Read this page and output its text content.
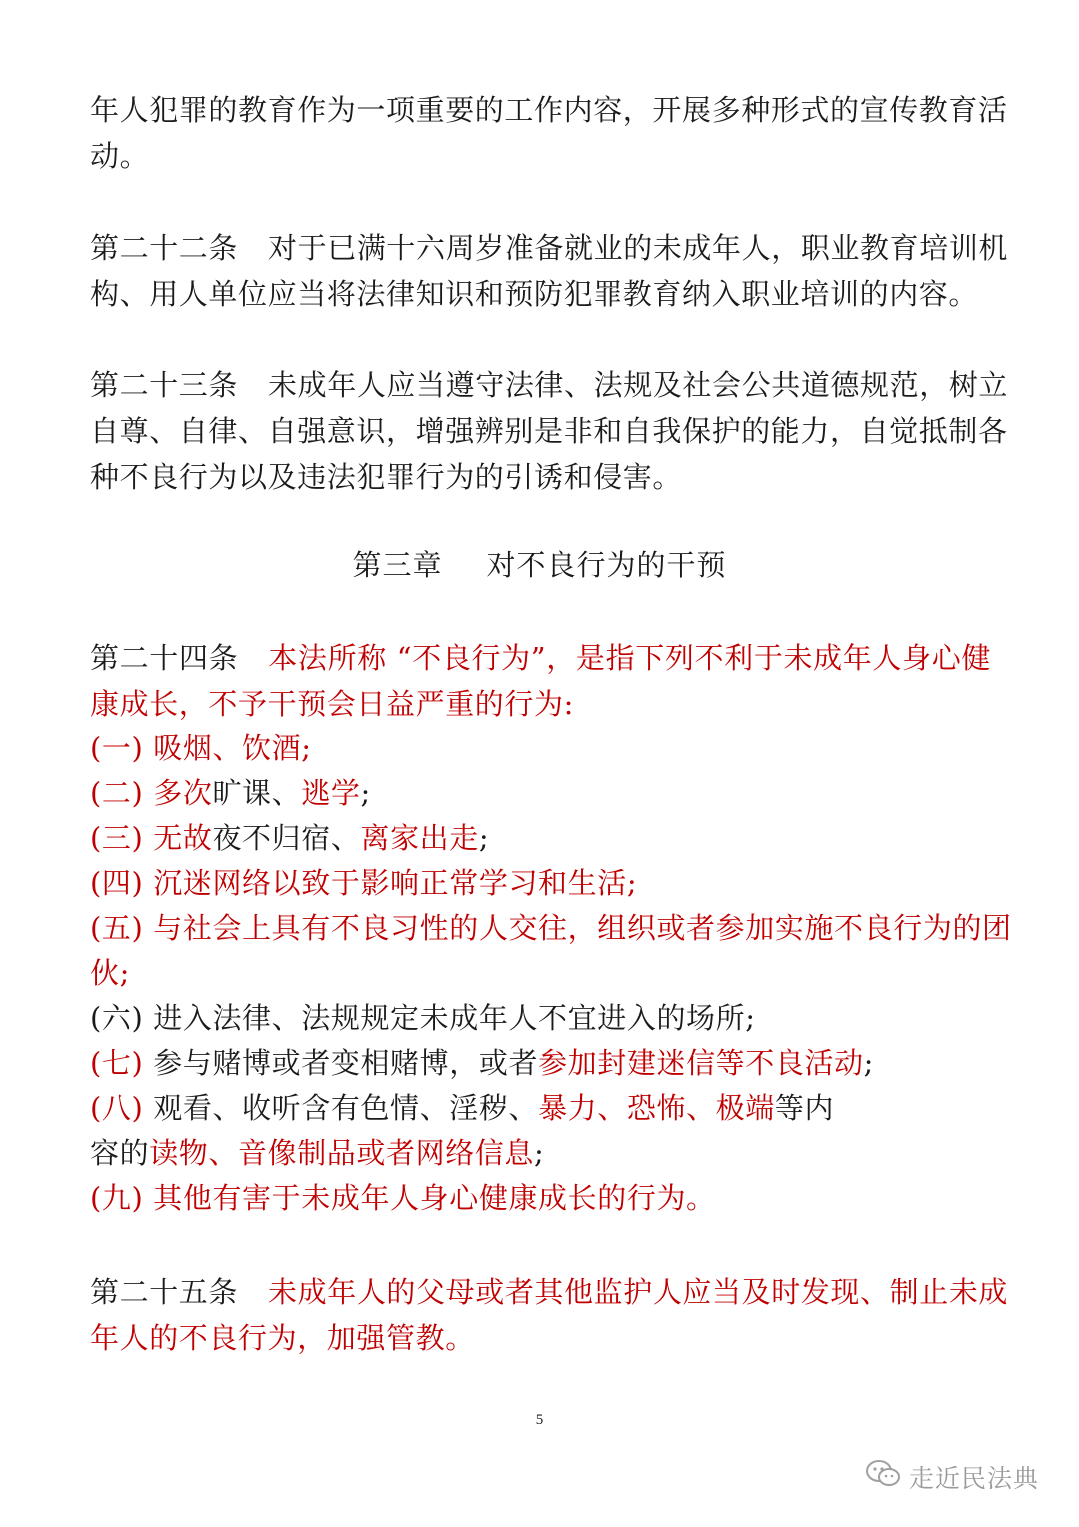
年人犯罪的教育作为一项重要的工作内容，开展多种形式的宣传教育活
动。
第二十二条 对于已满十六周岁准备就业的未成年人，职业教育培训机
构、用人单位应当将法律知识和预防犯罪教育纳入职业培训的内容。
第二十三条 未成年人应当遵守法律、法规及社会公共道德规范，树立
自尊、自律、自强意识，增强辨别是非和自我保护的能力，自觉抵制各
种不良行为以及违法犯罪行为的引诱和侵害。
第三章 对不良行为的干预
第二十四条 本法所称 “不良行为”，是指下列不利于未成年人身心健
康成长，不予干预会日益严重的行为:
(一) 吸烟、饮酒;
(二) 多次旷课、逃学;
(三) 无故夜不归宿、离家出走;
(四) 沉迷网络以致于影响正常学习和生活;
(五) 与社会上具有不良习性的人交往，组织或者参加实施不良行为的团
伙;
(六) 进入法律、法规规定未成年人不宜进入的场所;
(七) 参与赌博或者变相赌博，或者参加封建迷信等不良活动;
(八) 观看、收听含有色情、淫秽、暴力、恐怖、极端等内
容的读物、音像制品或者网络信息;
(九) 其他有害于未成年人身心健康成长的行为。
第二十五条 未成年人的父母或者其他监护人应当及时发现、制止未成
年人的不良行为，加强管教。
5
走近民法典
